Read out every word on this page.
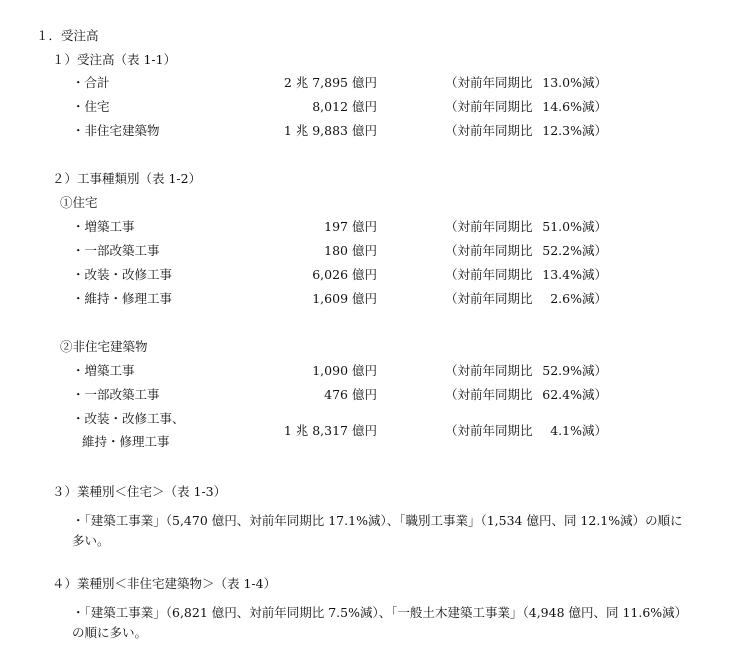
１．受注高
１）受注高（表 1-1）
・合計	2 兆 7,895 億円	（対前年同期比 13.0%減）
・住宅	8,012 億円	（対前年同期比 14.6%減）
・非住宅建築物	1 兆 9,883 億円	（対前年同期比 12.3%減）
２）工事種類別（表 1-2）
①住宅
・増築工事	197 億円	（対前年同期比 51.0%減）
・一部改築工事	180 億円	（対前年同期比 52.2%減）
・改装・改修工事	6,026 億円	（対前年同期比 13.4%減）
・維持・修理工事	1,609 億円	（対前年同期比 2.6%減）
②非住宅建築物
・増築工事	1,090 億円	（対前年同期比 52.9%減）
・一部改築工事	476 億円	（対前年同期比 62.4%減）
・改装・改修工事、
維持・修理工事
1 兆 8,317 億円	（対前年同期比 4.1%減）
３）業種別＜住宅＞（表 1-3）
・「建築工事業」（5,470 億円、対前年同期比 17.1%減）、「職別工事業」（1,534 億円、同 12.1%減）の順に多い。
４）業種別＜非住宅建築物＞（表 1-4）
・「建築工事業」（6,821 億円、対前年同期比 7.5%減）、「一般土木建築工事業」（4,948 億円、同 11.6%減）の順に多い。
